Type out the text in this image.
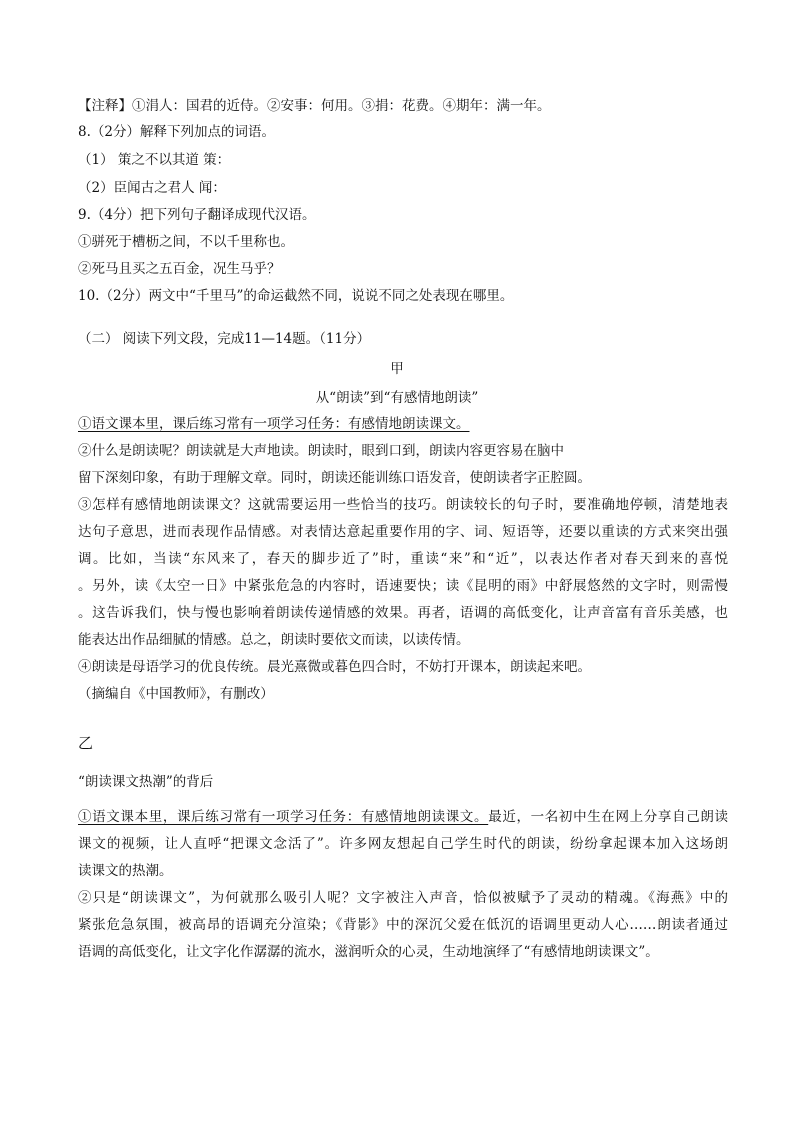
【注释】①涓人：国君的近侍。②安事：何用。③捐：花费。④期年：满一年。
8.（2分）解释下列加点的词语。
（1） 策之不以其道 策：
（2）臣闻古之君人 闻：
9.（4分）把下列句子翻译成现代汉语。
①骈死于槽枥之间，不以千里称也。
②死马且买之五百金，况生马乎？
10.（2分）两文中“千里马”的命运截然不同，说说不同之处表现在哪里。
（二） 阅读下列文段，完成11—14题。（11分）
甲
从“朗读”到“有感情地朗读”
①语文课本里，课后练习常有一项学习任务：有感情地朗读课文。
②什么是朗读呢？朗读就是大声地读。朗读时，眼到口到，朗读内容更容易在脑中
留下深刻印象，有助于理解文章。同时，朗读还能训练口语发音，使朗读者字正腔圆。
③怎样有感情地朗读课文？这就需要运用一些恰当的技巧。朗读较长的句子时，要准确地停顿，清楚地表
达句子意思，进而表现作品情感。对表情达意起重要作用的字、词、短语等，还要以重读的方式来突出强
调。比如，当读“东风来了，春天的脚步近了”时，重读“来”和“近”，以表达作者对春天到来的喜悦
。另外，读《太空一日》中紧张危急的内容时，语速要快；读《昆明的雨》中舒展悠然的文字时，则需慢
。这告诉我们，快与慢也影响着朗读传递情感的效果。再者，语调的高低变化，让声音富有音乐美感，也
能表达出作品细腻的情感。总之，朗读时要依文而读，以读传情。
④朗读是母语学习的优良传统。晨光熹微或暮色四合时，不妨打开课本，朗读起来吧。
（摘编自《中国教师》，有删改）
乙
“朗读课文热潮”的背后
①语文课本里，课后练习常有一项学习任务：有感情地朗读课文。最近，一名初中生在网上分享自己朗读
课文的视频，让人直呼“把课文念活了”。许多网友想起自己学生时代的朗读，纷纷拿起课本加入这场朗
读课文的热潮。
②只是“朗读课文”，为何就那么吸引人呢？文字被注入声音，恰似被赋予了灵动的精魂。《海燕》中的
紧张危急氛围，被高昂的语调充分渲染；《背影》中的深沉父爱在低沉的语调里更动人心……朗读者通过
语调的高低变化，让文字化作潺潺的流水，滋润听众的心灵，生动地演绎了“有感情地朗读课文”。
